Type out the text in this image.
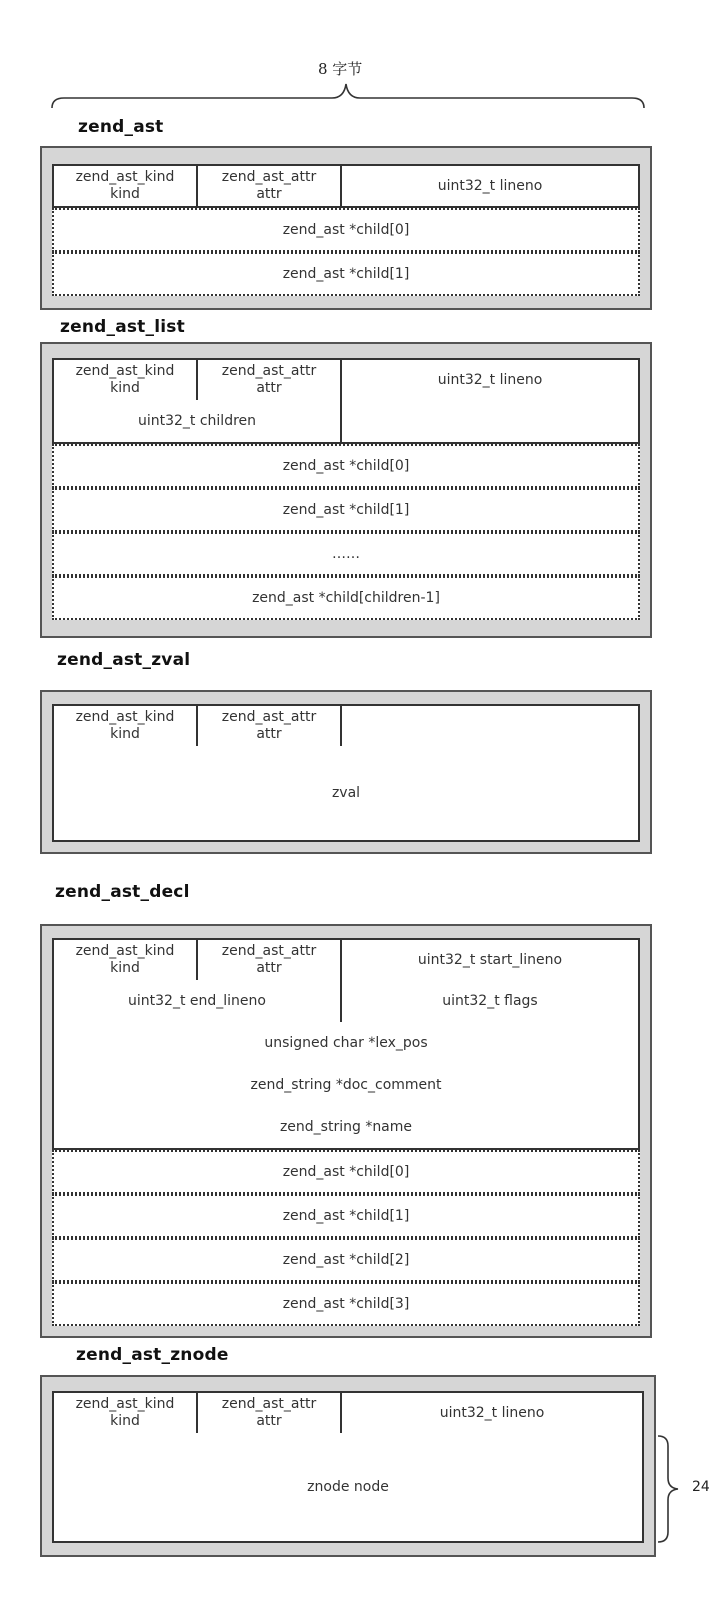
8 字节
zend_ast
zend_ast_kind
kind
zend_ast_attr
attr
uint32_t lineno
zend_ast *child[0]
zend_ast *child[1]
zend_ast_list
zend_ast_kind
kind
zend_ast_attr
attr
uint32_t lineno
uint32_t children
zend_ast *child[0]
zend_ast *child[1]
……
zend_ast *child[children-1]
zend_ast_zval
zend_ast_kind
kind
zend_ast_attr
attr
zval
zend_ast_decl
zend_ast_kind
kind
zend_ast_attr
attr
uint32_t start_lineno
uint32_t end_lineno	uint32_t flags
unsigned char *lex_pos
zend_string *doc_comment
zend_string *name
zend_ast *child[0]
zend_ast *child[1]
zend_ast *child[2]
zend_ast *child[3]
zend_ast_znode
zend_ast_kind
kind
zend_ast_attr
attr
uint32_t lineno
znode node	24
